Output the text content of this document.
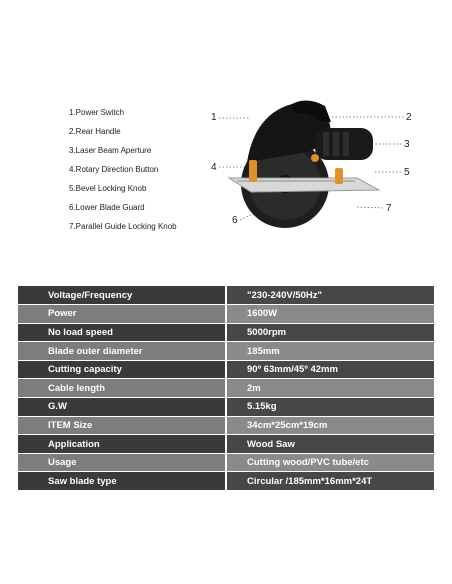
1.Power Switch
2.Rear Handle
3.Laser Beam Aperture
4.Rotary Direction Button
5.Bevel Locking Knob
6.Lower Blade Guard
7.Parallel Guide Locking Knob
1	2
3
4	5
6
7
Voltage/Frequency	"230-240V/50Hz"
Power	1600W
No load speed	5000rpm
Blade outer diameter	185mm
Cutting capacity	90º 63mm/45º 42mm
Cable length	2m
G.W	5.15kg
ITEM Size	34cm*25cm*19cm
Application	Wood Saw
Usage	Cutting wood/PVC tube/etc
Saw blade type	Circular /185mm*16mm*24T
